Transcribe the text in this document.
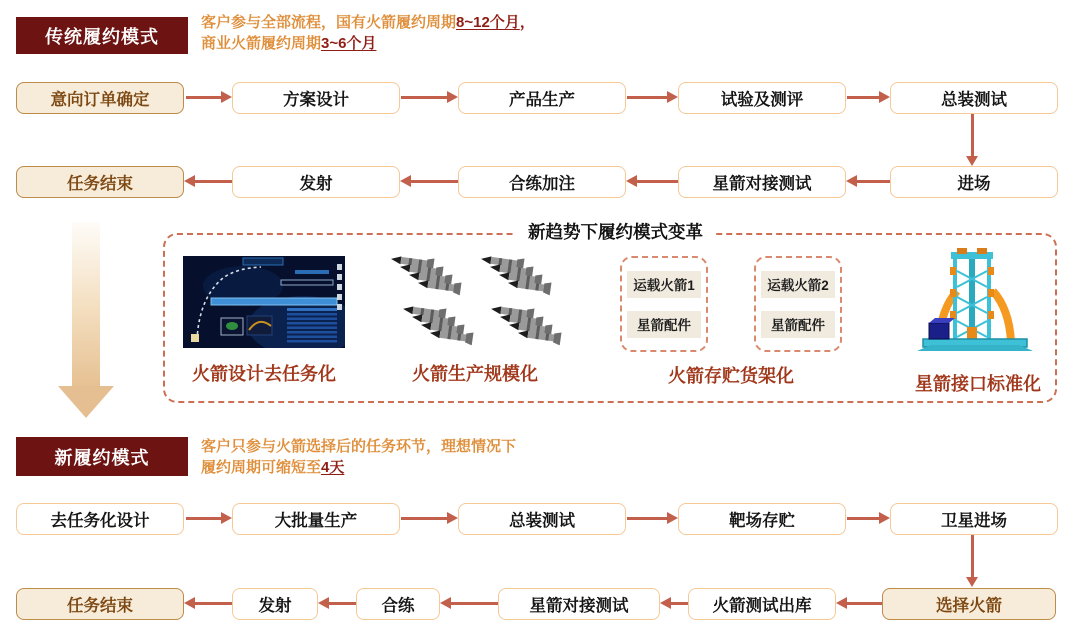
传统履约模式
客户参与全部流程，国有火箭履约周期8~12个月，
商业火箭履约周期3~6个月
意向订单确定	方案设计	产品生产	试验及测评	总装测试
任务结束	发射	合练加注	星箭对接测试	进场
新趋势下履约模式变革
火箭设计去任务化	火箭生产规模化
运载火箭1
星箭配件
运载火箭2
星箭配件
火箭存贮货架化	星箭接口标准化
新履约模式
客户只参与火箭选择后的任务环节，理想情况下
履约周期可缩短至4天
去任务化设计	大批量生产	总装测试	靶场存贮	卫星进场
任务结束	发射	合练	星箭对接测试	火箭测试出库	选择火箭
